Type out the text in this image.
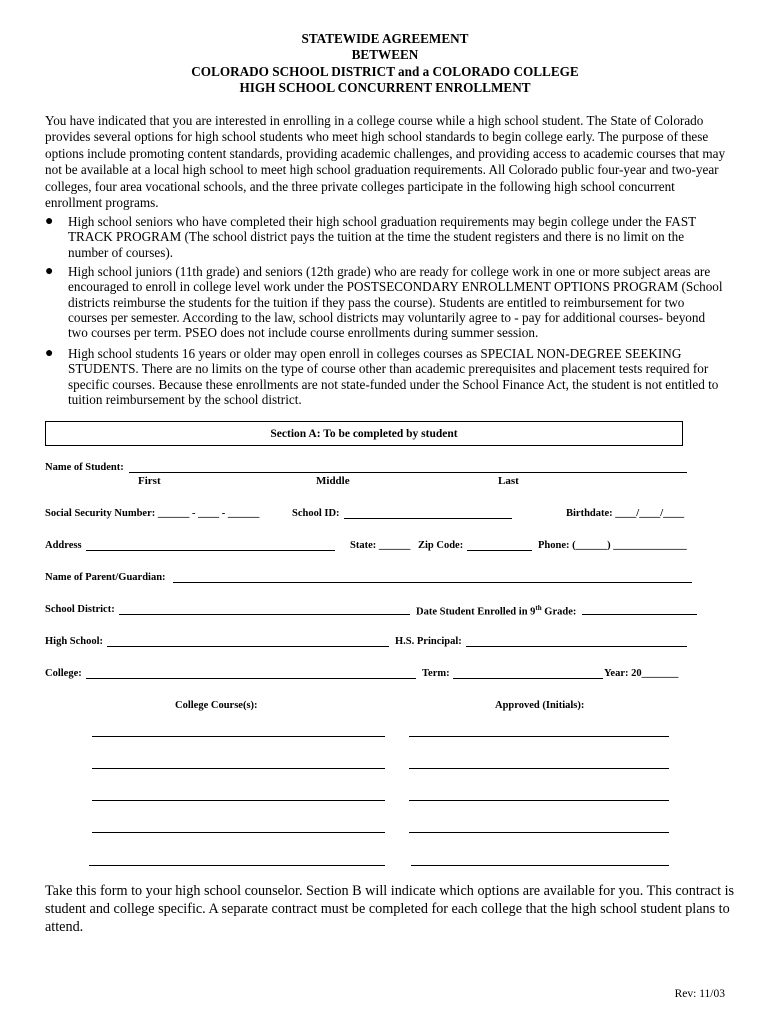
STATEWIDE AGREEMENT
BETWEEN
COLORADO SCHOOL DISTRICT and a COLORADO COLLEGE
HIGH SCHOOL CONCURRENT ENROLLMENT
You have indicated that you are interested in enrolling in a college course while a high school student. The State of Colorado provides several options for high school students who meet high school standards to begin college early. The purpose of these options include promoting content standards, providing academic challenges, and providing access to academic courses that may not be available at a local high school to meet high school graduation requirements. All Colorado public four-year and two-year colleges, four area vocational schools, and the three private colleges participate in the following high school concurrent enrollment programs.
● High school seniors who have completed their high school graduation requirements may begin college under the FAST TRACK PROGRAM (The school district pays the tuition at the time the student registers and there is no limit on the number of courses).
● High school juniors (11th grade) and seniors (12th grade) who are ready for college work in one or more subject areas are encouraged to enroll in college level work under the POSTSECONDARY ENROLLMENT OPTIONS PROGRAM (School districts reimburse the students for the tuition if they pass the course). Students are entitled to reimbursement for two courses per semester. According to the law, school districts may voluntarily agree to - pay for additional courses- beyond two courses per term. PSEO does not include course enrollments during summer session.
● High school students 16 years or older may open enroll in colleges courses as SPECIAL NON-DEGREE SEEKING STUDENTS. There are no limits on the type of course other than academic prerequisites and placement tests required for specific courses. Because these enrollments are not state-funded under the School Finance Act, the student is not entitled to tuition reimbursement by the school district.
Section A: To be completed by student
Name of Student:
First	Middle	Last
Social Security Number: ______ - ____ - ______	School ID:	Birthdate: ____/____/____
Address	State: ______ Zip Code:	Phone: (______) ______________
Name of Parent/Guardian:
School District:	Date Student Enrolled in 9th Grade:
High School:	H.S. Principal:
College:	Term:	Year: 20_______
College Course(s):	Approved (Initials):
Take this form to your high school counselor. Section B will indicate which options are available for you. This contract is student and college specific. A separate contract must be completed for each college that the high school student plans to attend.
Rev: 11/03
